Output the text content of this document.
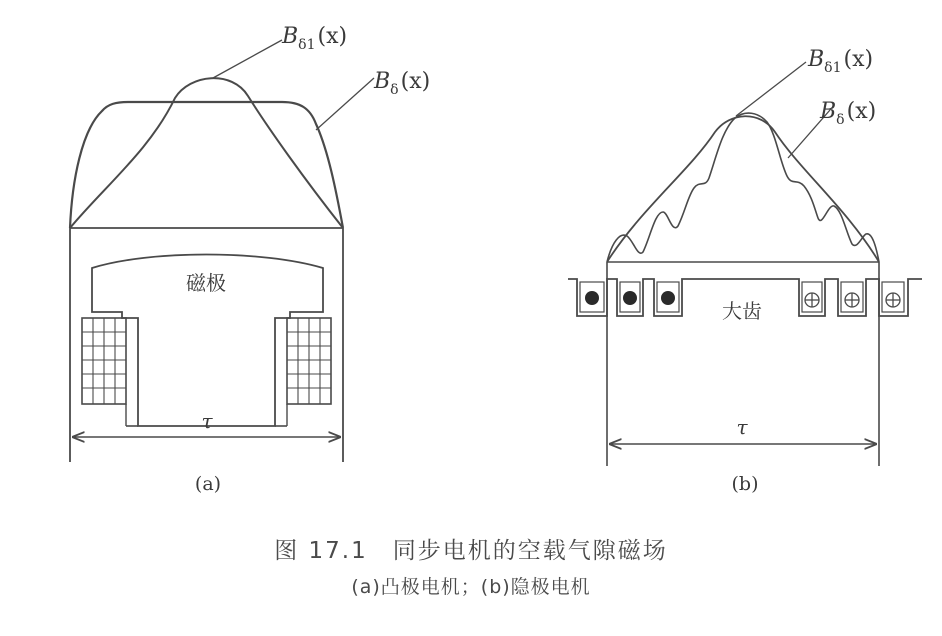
$B_{\delta 1}(x)$
$B_\delta(x)$
磁极
τ
(a)
$B_{\delta 1}(x)$
$B_\delta(x)$
大齿
τ
(b)
图 17.1　同步电机的空载气隙磁场
(a)凸极电机；(b)隐极电机
